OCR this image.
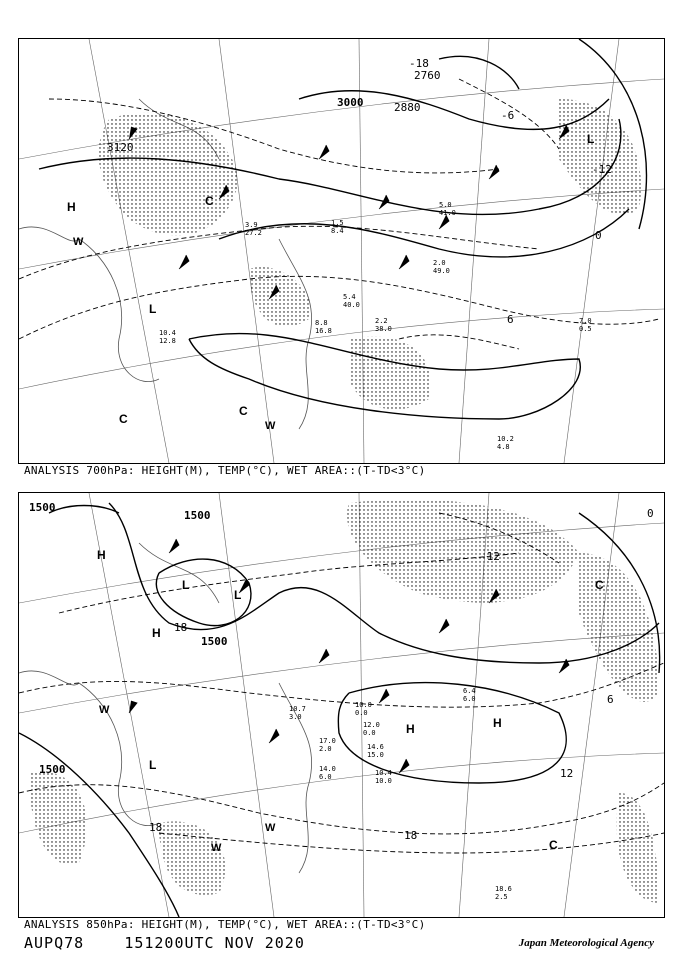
3120
3000	2880
2760
0
-6
-12
-18
6
H
L
L
C
C
C
W
W
5.4
40.0
2.0
49.0
10.2
4.8
7.0
0.5
3.9
27.2
10.4
12.8
2.2
38.0
8.8
16.8
1.5
8.4
5.0
41.0
ANALYSIS 700hPa: HEIGHT(M), TEMP(°C), WET AREA::(T-TD<3°C)
1500
1500
1500
1500
18
18
18
12
6
-12
0
H
H
H	H
L
L
L
C
C
W
W
W
18.6
2.5
10.0
0.0
14.6
15.0
10.4
10.0
12.0
0.0
6.4
6.0
17.0
2.0
10.7
3.0
14.0
6.0
ANALYSIS 850hPa: HEIGHT(M), TEMP(°C), WET AREA::(T-TD<3°C)
AUPQ78	151200UTC NOV 2020	Japan Meteorological Agency
